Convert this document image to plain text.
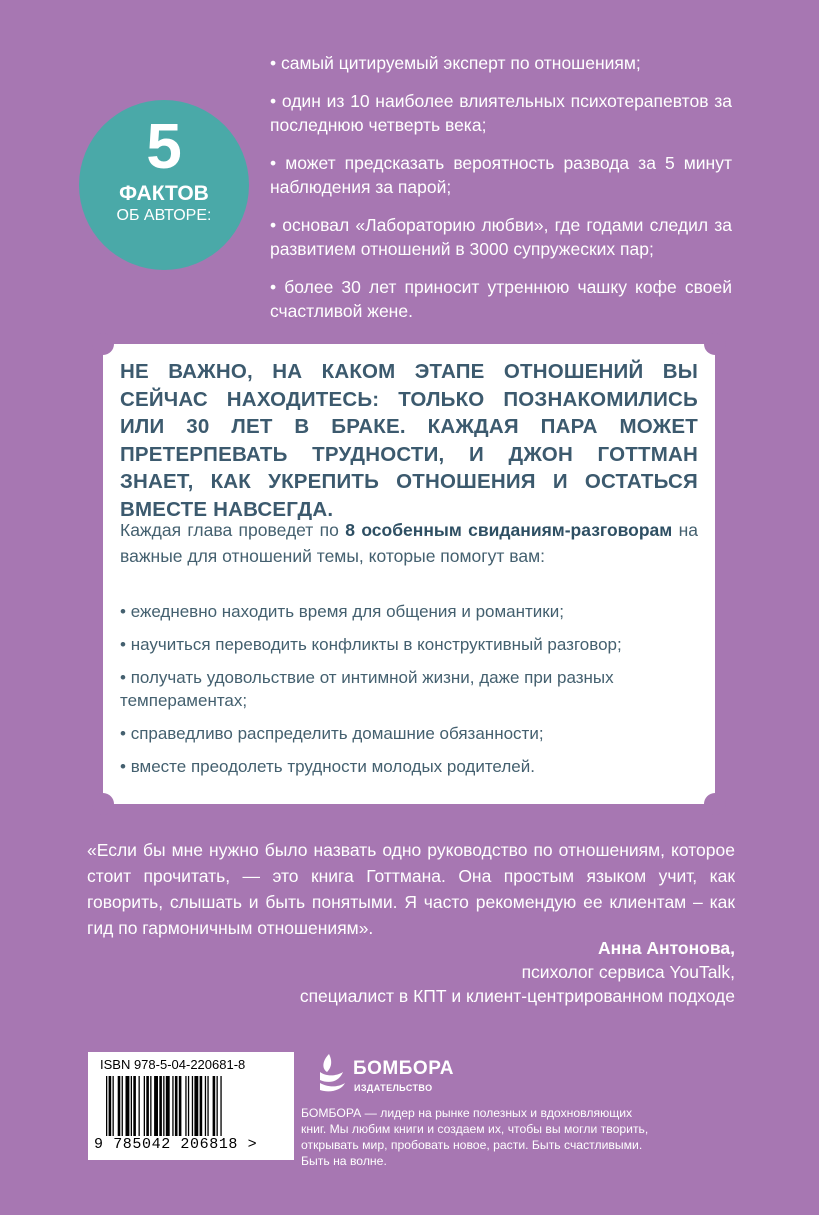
5
ФАКТОВ
ОБ АВТОРЕ:
• самый цитируемый эксперт по отношениям;
• один из 10 наиболее влиятельных психотерапевтов за последнюю четверть века;
• может предсказать вероятность развода за 5 минут наблюдения за парой;
• основал «Лабораторию любви», где годами следил за развитием отношений в 3000 супружеских пар;
• более 30 лет приносит утреннюю чашку кофе своей счастливой жене.

НЕ ВАЖНО, НА КАКОМ ЭТАПЕ ОТНОШЕНИЙ ВЫ СЕЙЧАС НАХОДИТЕСЬ: ТОЛЬКО ПОЗНАКОМИЛИСЬ ИЛИ 30 ЛЕТ В БРАКЕ. КАЖДАЯ ПАРА МОЖЕТ ПРЕТЕРПЕВАТЬ ТРУДНОСТИ, И ДЖОН ГОТТМАН ЗНАЕТ, КАК УКРЕПИТЬ ОТНОШЕНИЯ И ОСТАТЬСЯ ВМЕСТЕ НАВСЕГДА.

Каждая глава проведет по 8 особенным свиданиям-разговорам на важные для отношений темы, которые помогут вам:

• ежедневно находить время для общения и романтики;
• научиться переводить конфликты в конструктивный разговор;
• получать удовольствие от интимной жизни, даже при разных темпераментах;
• справедливо распределить домашние обязанности;
• вместе преодолеть трудности молодых родителей.

«Если бы мне нужно было назвать одно руководство по отношениям, которое стоит прочитать, — это книга Готтмана. Она простым языком учит, как говорить, слышать и быть понятыми. Я часто рекомендую ее клиентам – как гид по гармоничным отношениям».

Анна Антонова,
психолог сервиса YouTalk,
специалист в КПТ и клиент-центрированном подходе
ISBN 978-5-04-220681-8
9 785042 206818 >
БОМБОРА
ИЗДАТЕЛЬСТВО

БОМБОРА — лидер на рынке полезных и вдохновляющих книг. Мы любим книги и создаем их, чтобы вы могли творить, открывать мир, пробовать новое, расти. Быть счастливыми. Быть на волне.
